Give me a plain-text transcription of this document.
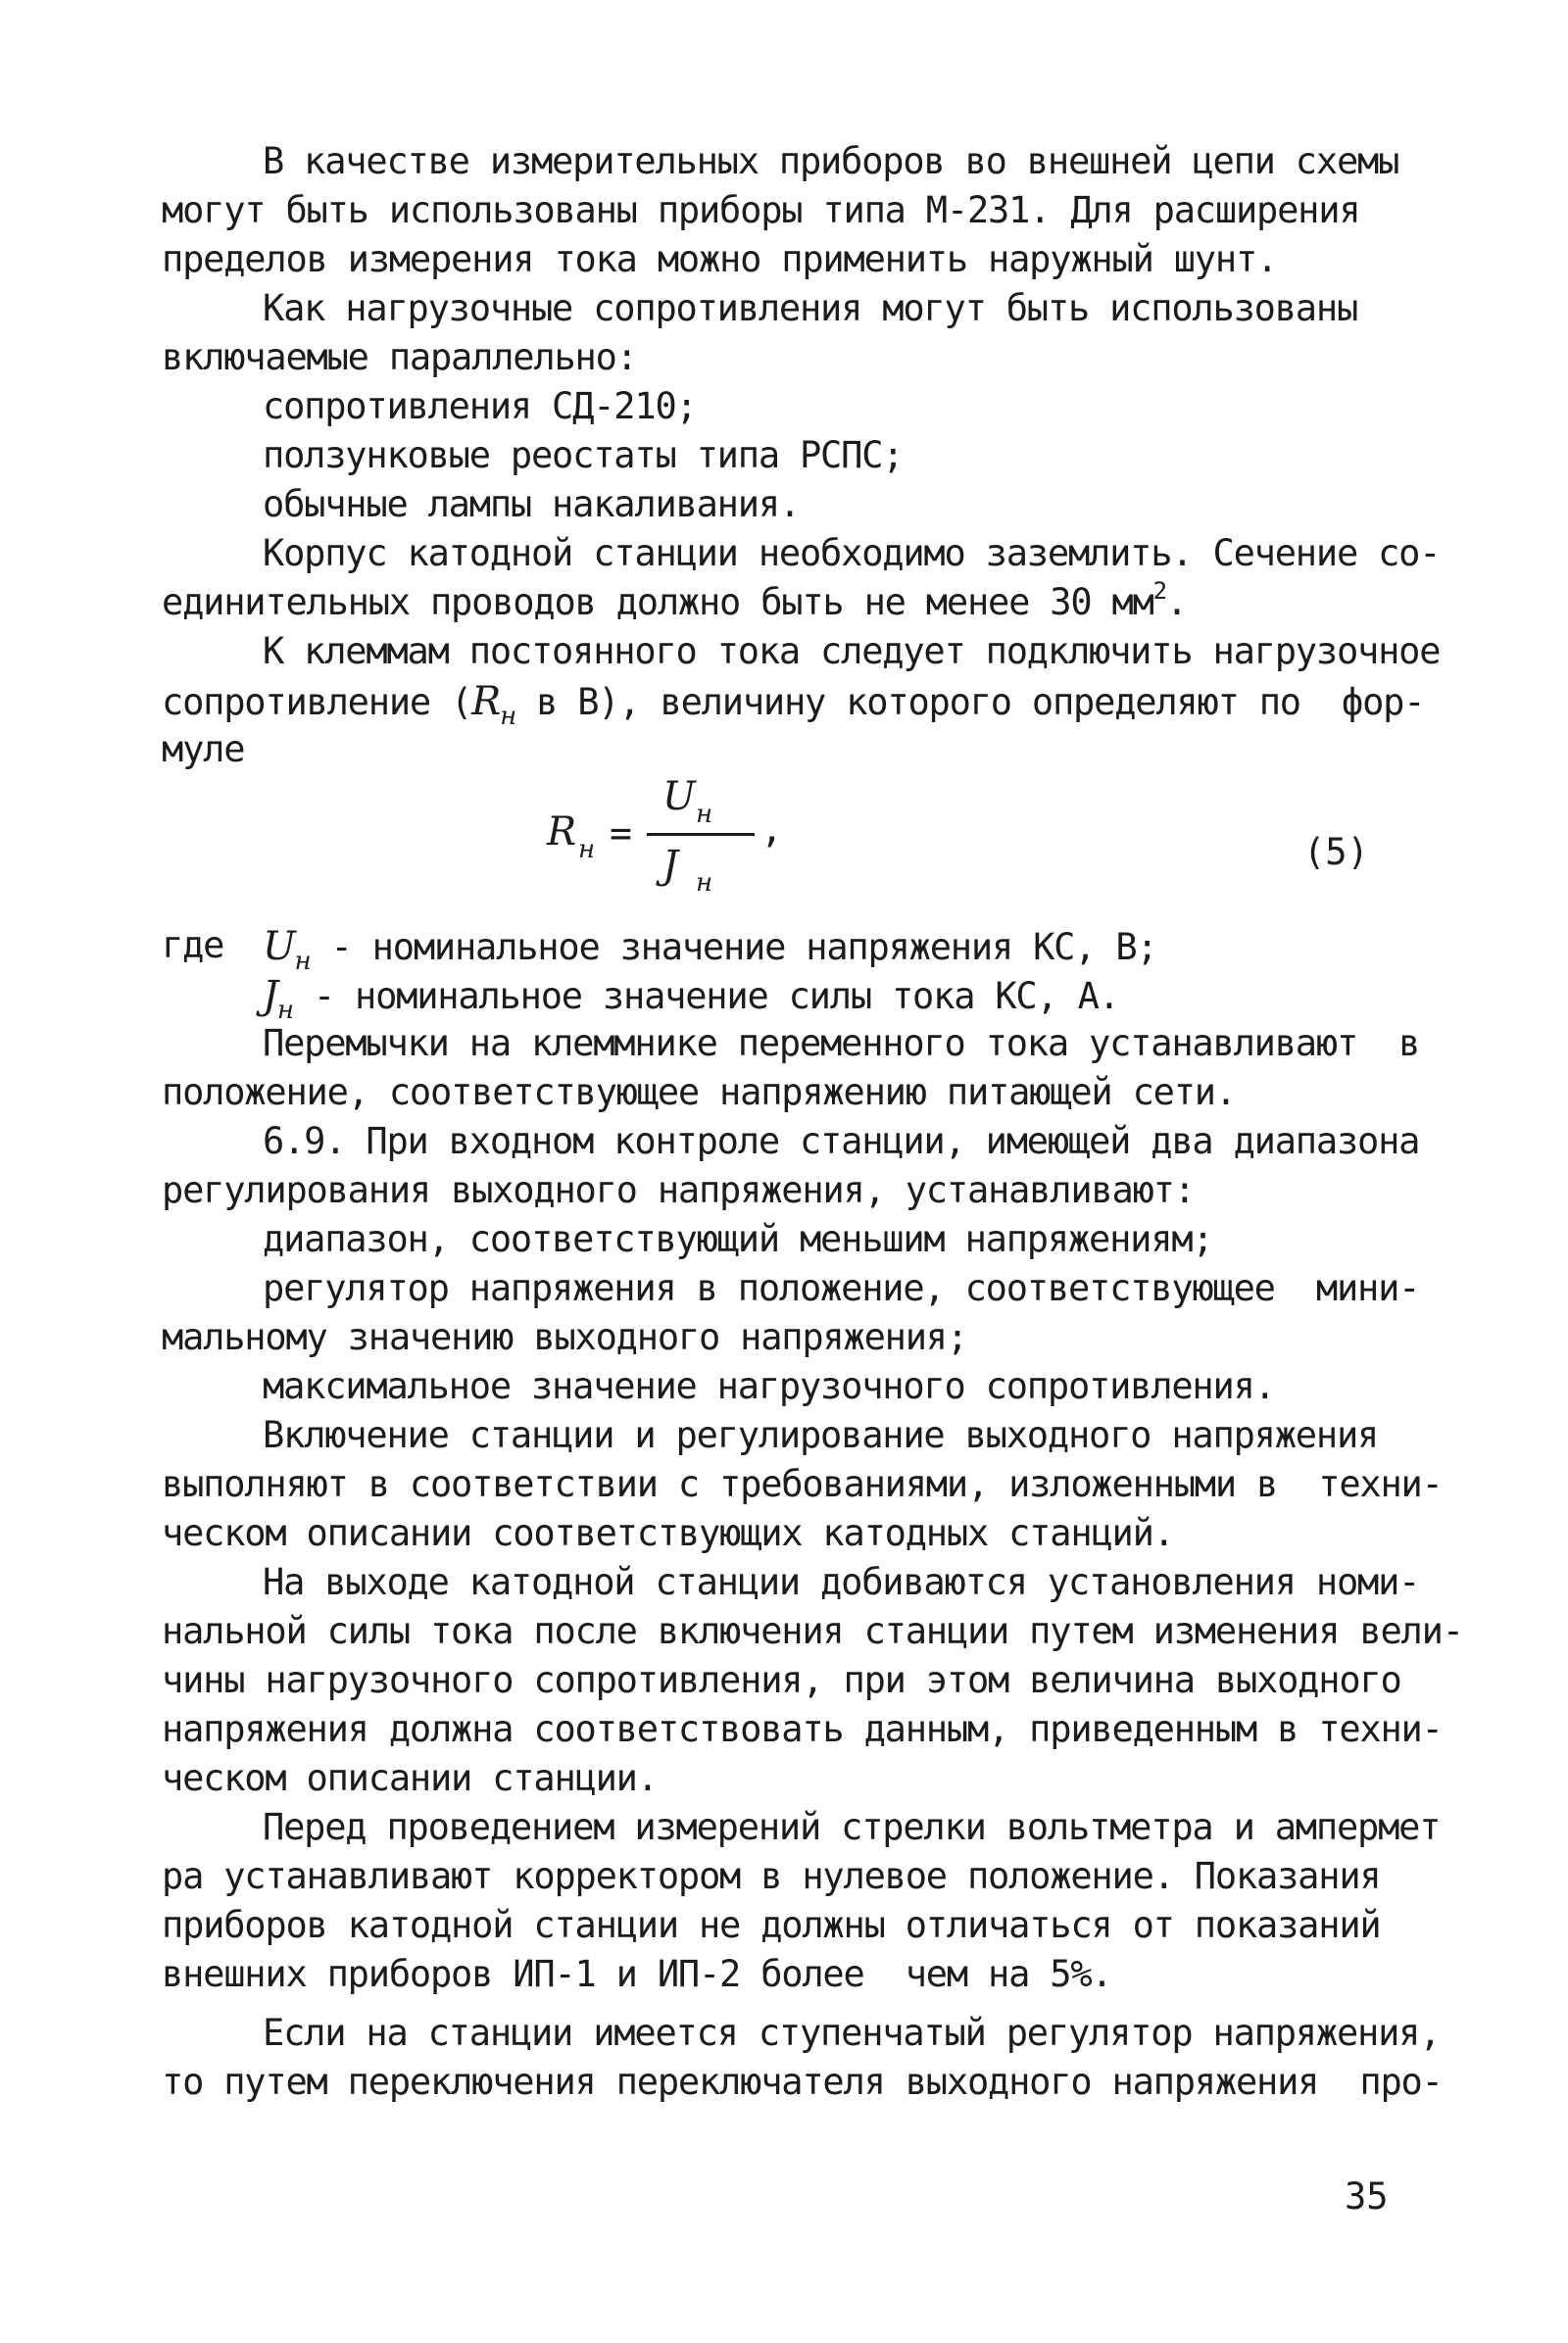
В качестве измерительных приборов во внешней цепи схемы
могут быть использованы приборы типа М-231. Для расширения
пределов измерения тока можно применить наружный шунт.
Как нагрузочные сопротивления могут быть использованы
включаемые параллельно:
сопротивления СД-210;
ползунковые реостаты типа РСПС;
обычные лампы накаливания.
Корпус катодной станции необходимо заземлить. Сечение со-
единительных проводов должно быть не менее 30 $мм^2$.
К клеммам постоянного тока следует подключить нагрузочное
сопротивление ($R_н$ в В), величину которого определяют по  фор-
муле
R н =
U н
J н
,
(5)
где $U_н$ - номинальное значение напряжения КС, В;
$J_н$ - номинальное значение силы тока КС, А.
Перемычки на клеммнике переменного тока устанавливают  в
положение, соответствующее напряжению питающей сети.
6.9. При входном контроле станции, имеющей два диапазона
регулирования выходного напряжения, устанавливают:
диапазон, соответствующий меньшим напряжениям;
регулятор напряжения в положение, соответствующее  мини-
мальному значению выходного напряжения;
максимальное значение нагрузочного сопротивления.
Включение станции и регулирование выходного напряжения
выполняют в соответствии с требованиями, изложенными в  техни-
ческом описании соответствующих катодных станций.
На выходе катодной станции добиваются установления номи-
нальной силы тока после включения станции путем изменения вели-
чины нагрузочного сопротивления, при этом величина выходного
напряжения должна соответствовать данным, приведенным в техни-
ческом описании станции.
Перед проведением измерений стрелки вольтметра и ампермет
ра устанавливают корректором в нулевое положение. Показания
приборов катодной станции не должны отличаться от показаний
внешних приборов ИП-1 и ИП-2 более  чем на 5%.
Если на станции имеется ступенчатый регулятор напряжения,
то путем переключения переключателя выходного напряжения  про-
35
